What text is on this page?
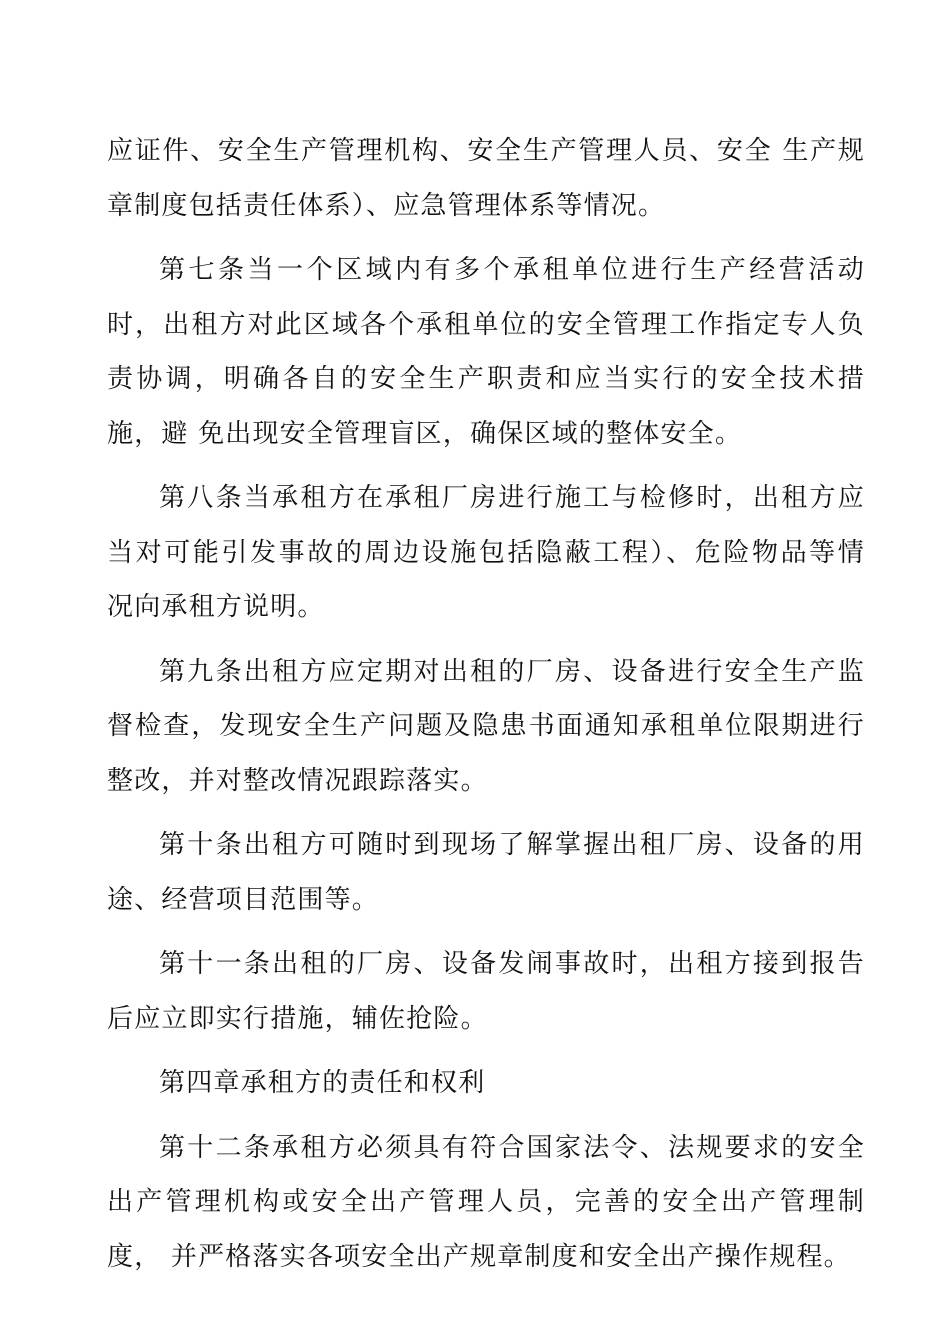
应证件、安全生产管理机构、安全生产管理人员、安全 生产规章制度包括责任体系）、应急管理体系等情况。

第七条当一个区域内有多个承租单位进行生产经营活动时，出租方对此区域各个承租单位的安全管理工作指定专人负责协调，明确各自的安全生产职责和应当实行的安全技术措施，避 免出现安全管理盲区，确保区域的整体安全。

第八条当承租方在承租厂房进行施工与检修时，出租方应 当对可能引发事故的周边设施包括隐蔽工程）、危险物品等情 况向承租方说明。

第九条出租方应定期对出租的厂房、设备进行安全生产监 督检查，发现安全生产问题及隐患书面通知承租单位限期进行 整改，并对整改情况跟踪落实。

第十条出租方可随时到现场了解掌握出租厂房、设备的用途、经营项目范围等。

第十一条出租的厂房、设备发闹事故时，出租方接到报告 后应立即实行措施，辅佐抢险。

第四章承租方的责任和权利

第十二条承租方必须具有符合国家法令、法规要求的安全 出产管理机构或安全出产管理人员，完善的安全出产管理制度， 并严格落实各项安全出产规章制度和安全出产操作规程。
